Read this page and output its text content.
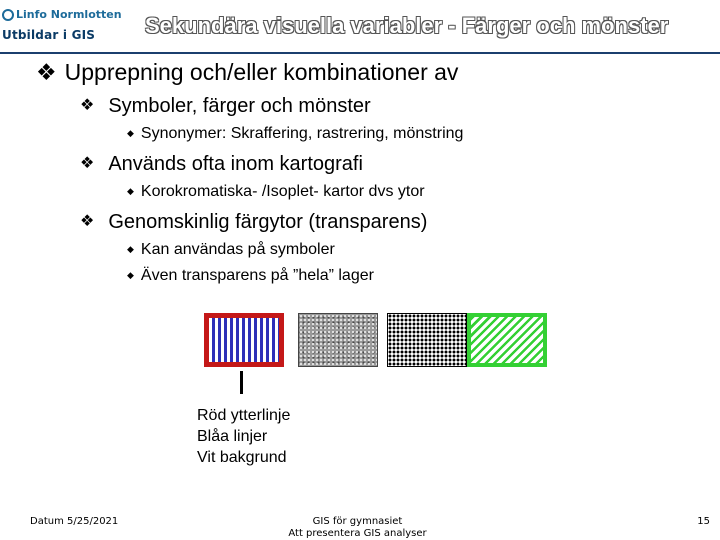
Linfo Normlotten
Utbildar i GIS Sekundära visuella variabler - Färger och mönster
❖ Upprepning och/eller kombinationer av
❖ Symboler, färger och mönster
◆ Synonymer: Skraffering, rastrering, mönstring
❖ Används ofta inom kartografi
◆ Korokromatiska- /Isoplet- kartor dvs ytor
❖ Genomskinlig färgytor (transparens)
◆ Kan användas på symboler
◆ Även transparens på ”hela” lager
Röd ytterlinje
Blåa linjer
Vit bakgrund
Datum 5/25/2021	GIS för gymnasiet
Att presentera GIS analyser
15
